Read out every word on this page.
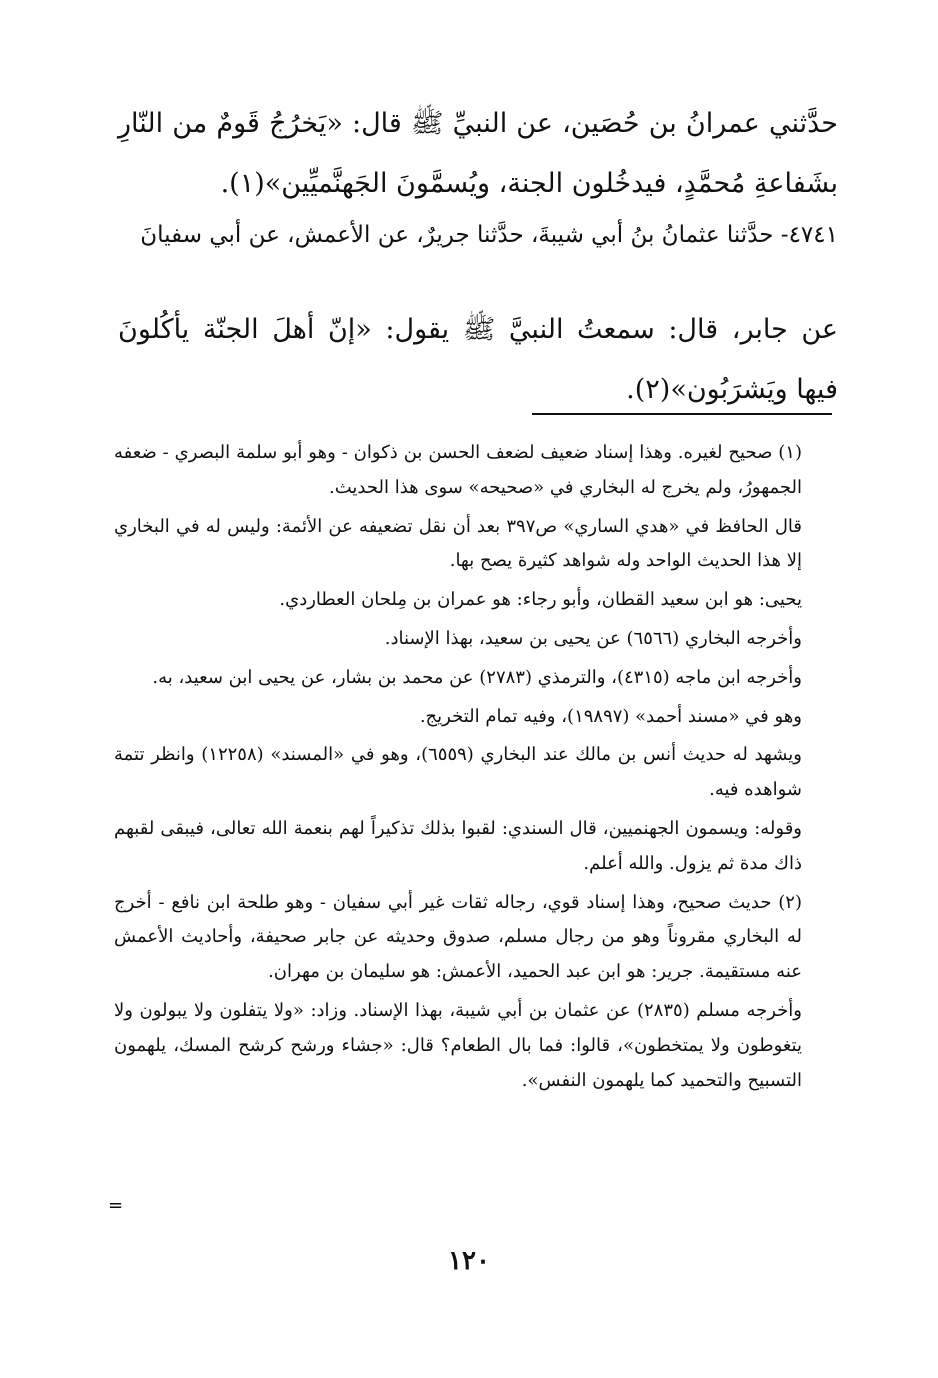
حدَّثني عمرانُ بن حُصَين، عن النبيِّ ﷺ قال: «يَخرُجُ قَومٌ من النّارِ بشَفاعةِ مُحمَّدٍ، فيدخُلون الجنة، ويُسمَّونَ الجَهنَّميِّين»(١).

٤٧٤١- حدَّثنا عثمانُ بنُ أبي شيبةَ، حدَّثنا جريرٌ، عن الأعمش، عن أبي سفيانَ

عن جابر، قال: سمعتُ النبيَّ ﷺ يقول: «إنّ أهلَ الجنّة يأكُلونَ فيها ويَشرَبُون»(٢).

(١) صحيح لغيره. وهذا إسناد ضعيف لضعف الحسن بن ذكوان - وهو أبو سلمة البصري - ضعفه الجمهورُ، ولم يخرج له البخاري في «صحيحه» سوى هذا الحديث.

قال الحافظ في «هدي الساري» ص٣٩٧ بعد أن نقل تضعيفه عن الأئمة: وليس له في البخاري إلا هذا الحديث الواحد وله شواهد كثيرة يصح بها.

يحيى: هو ابن سعيد القطان، وأبو رجاء: هو عمران بن مِلحان العطاردي.

وأخرجه البخاري (٦٥٦٦) عن يحيى بن سعيد، بهذا الإسناد.

وأخرجه ابن ماجه (٤٣١٥)، والترمذي (٢٧٨٣) عن محمد بن بشار، عن يحيى ابن سعيد، به.

وهو في «مسند أحمد» (١٩٨٩٧)، وفيه تمام التخريج.

ويشهد له حديث أنس بن مالك عند البخاري (٦٥٥٩)، وهو في «المسند» (١٢٢٥٨) وانظر تتمة شواهده فيه.

وقوله: ويسمون الجهنميين، قال السندي: لقبوا بذلك تذكيراً لهم بنعمة الله تعالى، فيبقى لقبهم ذاك مدة ثم يزول. والله أعلم.

(٢) حديث صحيح، وهذا إسناد قوي، رجاله ثقات غير أبي سفيان - وهو طلحة ابن نافع - أخرج له البخاري مقروناً وهو من رجال مسلم، صدوق وحديثه عن جابر صحيفة، وأحاديث الأعمش عنه مستقيمة. جرير: هو ابن عبد الحميد، الأعمش: هو سليمان بن مهران.

وأخرجه مسلم (٢٨٣٥) عن عثمان بن أبي شيبة، بهذا الإسناد. وزاد: «ولا يتفلون ولا يبولون ولا يتغوطون ولا يمتخطون»، قالوا: فما بال الطعام؟ قال: «جشاء ورشح كرشح المسك، يلهمون التسبيح والتحميد كما يلهمون النفس».

=
١٢٠
